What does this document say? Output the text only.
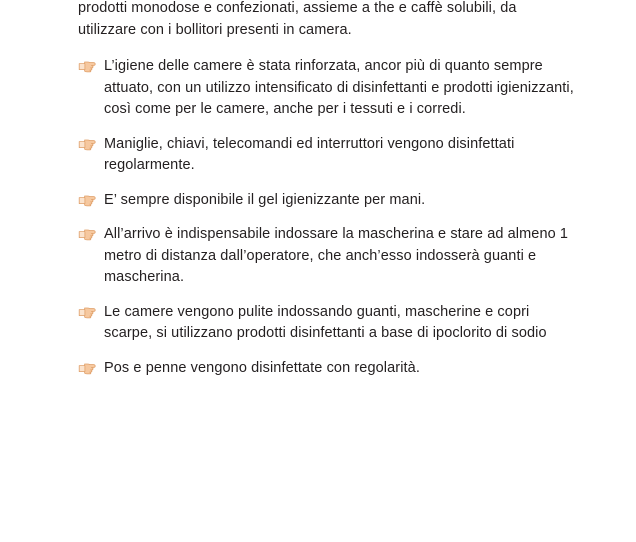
prodotti monodose e confezionati, assieme a the e caffè solubili, da utilizzare con i bollitori presenti in camera.

L’igiene delle camere è stata rinforzata, ancor più di quanto sempre attuato, con un utilizzo intensificato di disinfettanti e prodotti igienizzanti, così come per le camere, anche per i tessuti e i corredi.

Maniglie, chiavi, telecomandi ed interruttori vengono disinfettati regolarmente.

E’ sempre disponibile il gel igienizzante per mani.

All’arrivo è indispensabile indossare la mascherina e stare ad almeno 1 metro di distanza dall’operatore, che anch’esso indosserà guanti e mascherina.

Le camere vengono pulite indossando guanti, mascherine e copri scarpe, si utilizzano prodotti disinfettanti a base di ipoclorito di sodio

Pos e penne vengono disinfettate con regolarità.
